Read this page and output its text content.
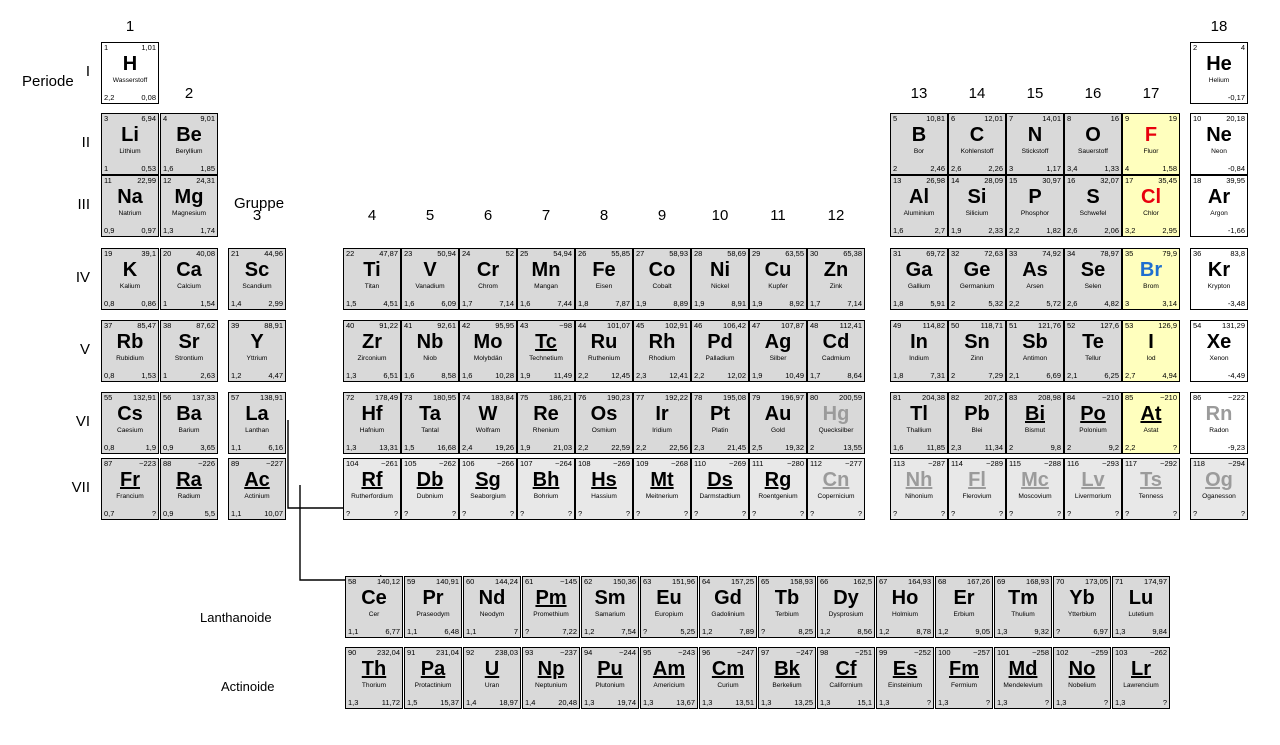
1
2
3	4	5	6	7	8	9	10	11	12
13	14	15	16	17
18
I
II
III
IV
V
VI
VII
Periode
Gruppe
Lanthanoide
Actinoide
1	1,01
H
Wasserstoff
2,2	0,08
2	4
He
Helium
-0,17
3	6,94
Li
Lithium
1	0,53
4	9,01
Be
Beryllium
1,6	1,85
5	10,81
B
Bor
2	2,46
6	12,01
C
Kohlenstoff
2,6	2,26
7	14,01
N
Stickstoff
3	1,17
8	16
O
Sauerstoff
3,4	1,33
9	19
F
Fluor
4	1,58
10	20,18
Ne
Neon
-0,84
11	22,99
Na
Natrium
0,9	0,97
12	24,31
Mg
Magnesium
1,3	1,74
13	26,98
Al
Aluminium
1,6	2,7
14	28,09
Si
Silicium
1,9	2,33
15	30,97
P
Phosphor
2,2	1,82
16	32,07
S
Schwefel
2,6	2,06
17	35,45
Cl
Chlor
3,2	2,95
18	39,95
Ar
Argon
-1,66
19	39,1
K
Kalium
0,8	0,86
20	40,08
Ca
Calcium
1	1,54
21	44,96
Sc
Scandium
1,4	2,99
22	47,87
Ti
Titan
1,5	4,51
23	50,94
V
Vanadium
1,6	6,09
24	52
Cr
Chrom
1,7	7,14
25	54,94
Mn
Mangan
1,6	7,44
26	55,85
Fe
Eisen
1,8	7,87
27	58,93
Co
Cobalt
1,9	8,89
28	58,69
Ni
Nickel
1,9	8,91
29	63,55
Cu
Kupfer
1,9	8,92
30	65,38
Zn
Zink
1,7	7,14
31	69,72
Ga
Gallium
1,8	5,91
32	72,63
Ge
Germanium
2	5,32
33	74,92
As
Arsen
2,2	5,72
34	78,97
Se
Selen
2,6	4,82
35	79,9
Br
Brom
3	3,14
36	83,8
Kr
Krypton
-3,48
37	85,47
Rb
Rubidium
0,8	1,53
38	87,62
Sr
Strontium
1	2,63
39	88,91
Y
Yttrium
1,2	4,47
40	91,22
Zr
Zirconium
1,3	6,51
41	92,61
Nb
Niob
1,6	8,58
42	95,95
Mo
Molybdän
1,6	10,28
43	~98
Tc
Technetium
1,9	11,49
44	101,07
Ru
Ruthenium
2,2	12,45
45	102,91
Rh
Rhodium
2,3	12,41
46	106,42
Pd
Palladium
2,2	12,02
47	107,87
Ag
Silber
1,9	10,49
48	112,41
Cd
Cadmium
1,7	8,64
49	114,82
In
Indium
1,8	7,31
50	118,71
Sn
Zinn
2	7,29
51	121,76
Sb
Antimon
2,1	6,69
52	127,6
Te
Tellur
2,1	6,25
53	126,9
I
Iod
2,7	4,94
54	131,29
Xe
Xenon
-4,49
55	132,91
Cs
Caesium
0,8	1,9
56	137,33
Ba
Barium
0,9	3,65
57	138,91
La
Lanthan
1,1	6,16
72	178,49
Hf
Hafnium
1,3	13,31
73	180,95
Ta
Tantal
1,5	16,68
74	183,84
W
Wolfram
2,4	19,26
75	186,21
Re
Rhenium
1,9	21,03
76	190,23
Os
Osmium
2,2	22,59
77	192,22
Ir
Iridium
2,2	22,56
78	195,08
Pt
Platin
2,3	21,45
79	196,97
Au
Gold
2,5	19,32
80	200,59
Hg
Quecksilber
2	13,55
81	204,38
Tl
Thallium
1,6	11,85
82	207,2
Pb
Blei
2,3	11,34
83	208,98
Bi
Bismut
2	9,8
84	~210
Po
Polonium
2	9,2
85	~210
At
Astat
2,2	?
86	~222
Rn
Radon
-9,23
87	~223
Fr
Francium
0,7	?
88	~226
Ra
Radium
0,9	5,5
89	~227
Ac
Actinium
1,1	10,07
104	~261
Rf
Rutherfordium
?	?
105	~262
Db
Dubnium
?	?
106	~266
Sg
Seaborgium
?	?
107	~264
Bh
Bohrium
?	?
108	~269
Hs
Hassium
?	?
109	~268
Mt
Meitnerium
?	?
110	~269
Ds
Darmstadtium
?	?
111	~280
Rg
Roentgenium
?	?
112	~277
Cn
Copernicium
?	?
113	~287
Nh
Nihonium
?	?
114	~289
Fl
Flerovium
?	?
115	~288
Mc
Moscovium
?	?
116	~293
Lv
Livermorium
?	?
117	~292
Ts
Tenness
?	?
118	~294
Og
Oganesson
?	?
58	140,12
Ce
Cer
1,1	6,77
59	140,91
Pr
Praseodym
1,1	6,48
60	144,24
Nd
Neodym
1,1	7
61	~145
Pm
Promethium
?	7,22
62	150,36
Sm
Samarium
1,2	7,54
63	151,96
Eu
Europium
?	5,25
64	157,25
Gd
Gadolinium
1,2	7,89
65	158,93
Tb
Terbium
?	8,25
66	162,5
Dy
Dysprosium
1,2	8,56
67	164,93
Ho
Holmium
1,2	8,78
68	167,26
Er
Erbium
1,2	9,05
69	168,93
Tm
Thulium
1,3	9,32
70	173,05
Yb
Ytterbium
?	6,97
71	174,97
Lu
Lutetium
1,3	9,84
90	232,04
Th
Thorium
1,3	11,72
91	231,04
Pa
Protactinium
1,5	15,37
92	238,03
U
Uran
1,4	18,97
93	~237
Np
Neptunium
1,4	20,48
94	~244
Pu
Plutonium
1,3	19,74
95	~243
Am
Americium
1,3	13,67
96	~247
Cm
Curium
1,3	13,51
97	~247
Bk
Berkelium
1,3	13,25
98	~251
Cf
Californium
1,3	15,1
99	~252
Es
Einsteinium
1,3	?
100	~257
Fm
Fermium
1,3	?
101	~258
Md
Mendelevium
1,3	?
102	~259
No
Nobelium
1,3	?
103	~262
Lr
Lawrencium
1,3	?
